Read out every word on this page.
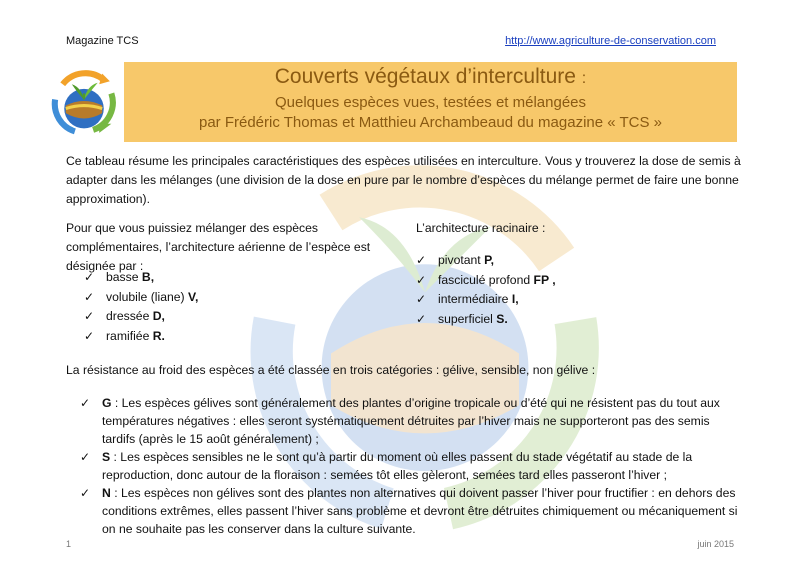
Magazine TCS	http://www.agriculture-de-conservation.com
Couverts végétaux d’interculture :
Quelques espèces vues, testées et mélangées
par Frédéric Thomas et Matthieu Archambeaud du magazine « TCS »
Ce tableau résume les principales caractéristiques des espèces utilisées en interculture. Vous y trouverez la dose de semis à adapter dans les mélanges (une division de la dose en pure par le nombre d’espèces du mélange permet de faire une bonne approximation).
Pour que vous puissiez mélanger des espèces complémentaires, l’architecture aérienne de l’espèce est désignée par :
✓ basse B,
✓ volubile (liane) V,
✓ dressée D,
✓ ramifiée R.
L’architecture racinaire :
✓ pivotant P,
✓ fasciculé profond FP ,
✓ intermédiaire I,
✓ superficiel S.
La résistance au froid des espèces a été classée en trois catégories : gélive, sensible, non gélive :
✓ G : Les espèces gélives sont généralement des plantes d’origine tropicale ou d’été qui ne résistent pas du tout aux températures négatives : elles seront systématiquement détruites par l’hiver mais ne supporteront pas des semis tardifs (après le 15 août généralement) ;
✓ S : Les espèces sensibles ne le sont qu’à partir du moment où elles passent du stade végétatif au stade de la reproduction, donc autour de la floraison : semées tôt elles gèleront, semées tard elles passeront l’hiver ;
✓ N : Les espèces non gélives sont des plantes non alternatives qui doivent passer l’hiver pour fructifier : en dehors des conditions extrêmes, elles passent l’hiver sans problème et devront être détruites chimiquement ou mécaniquement si on ne souhaite pas les conserver dans la culture suivante.
1	juin 2015
